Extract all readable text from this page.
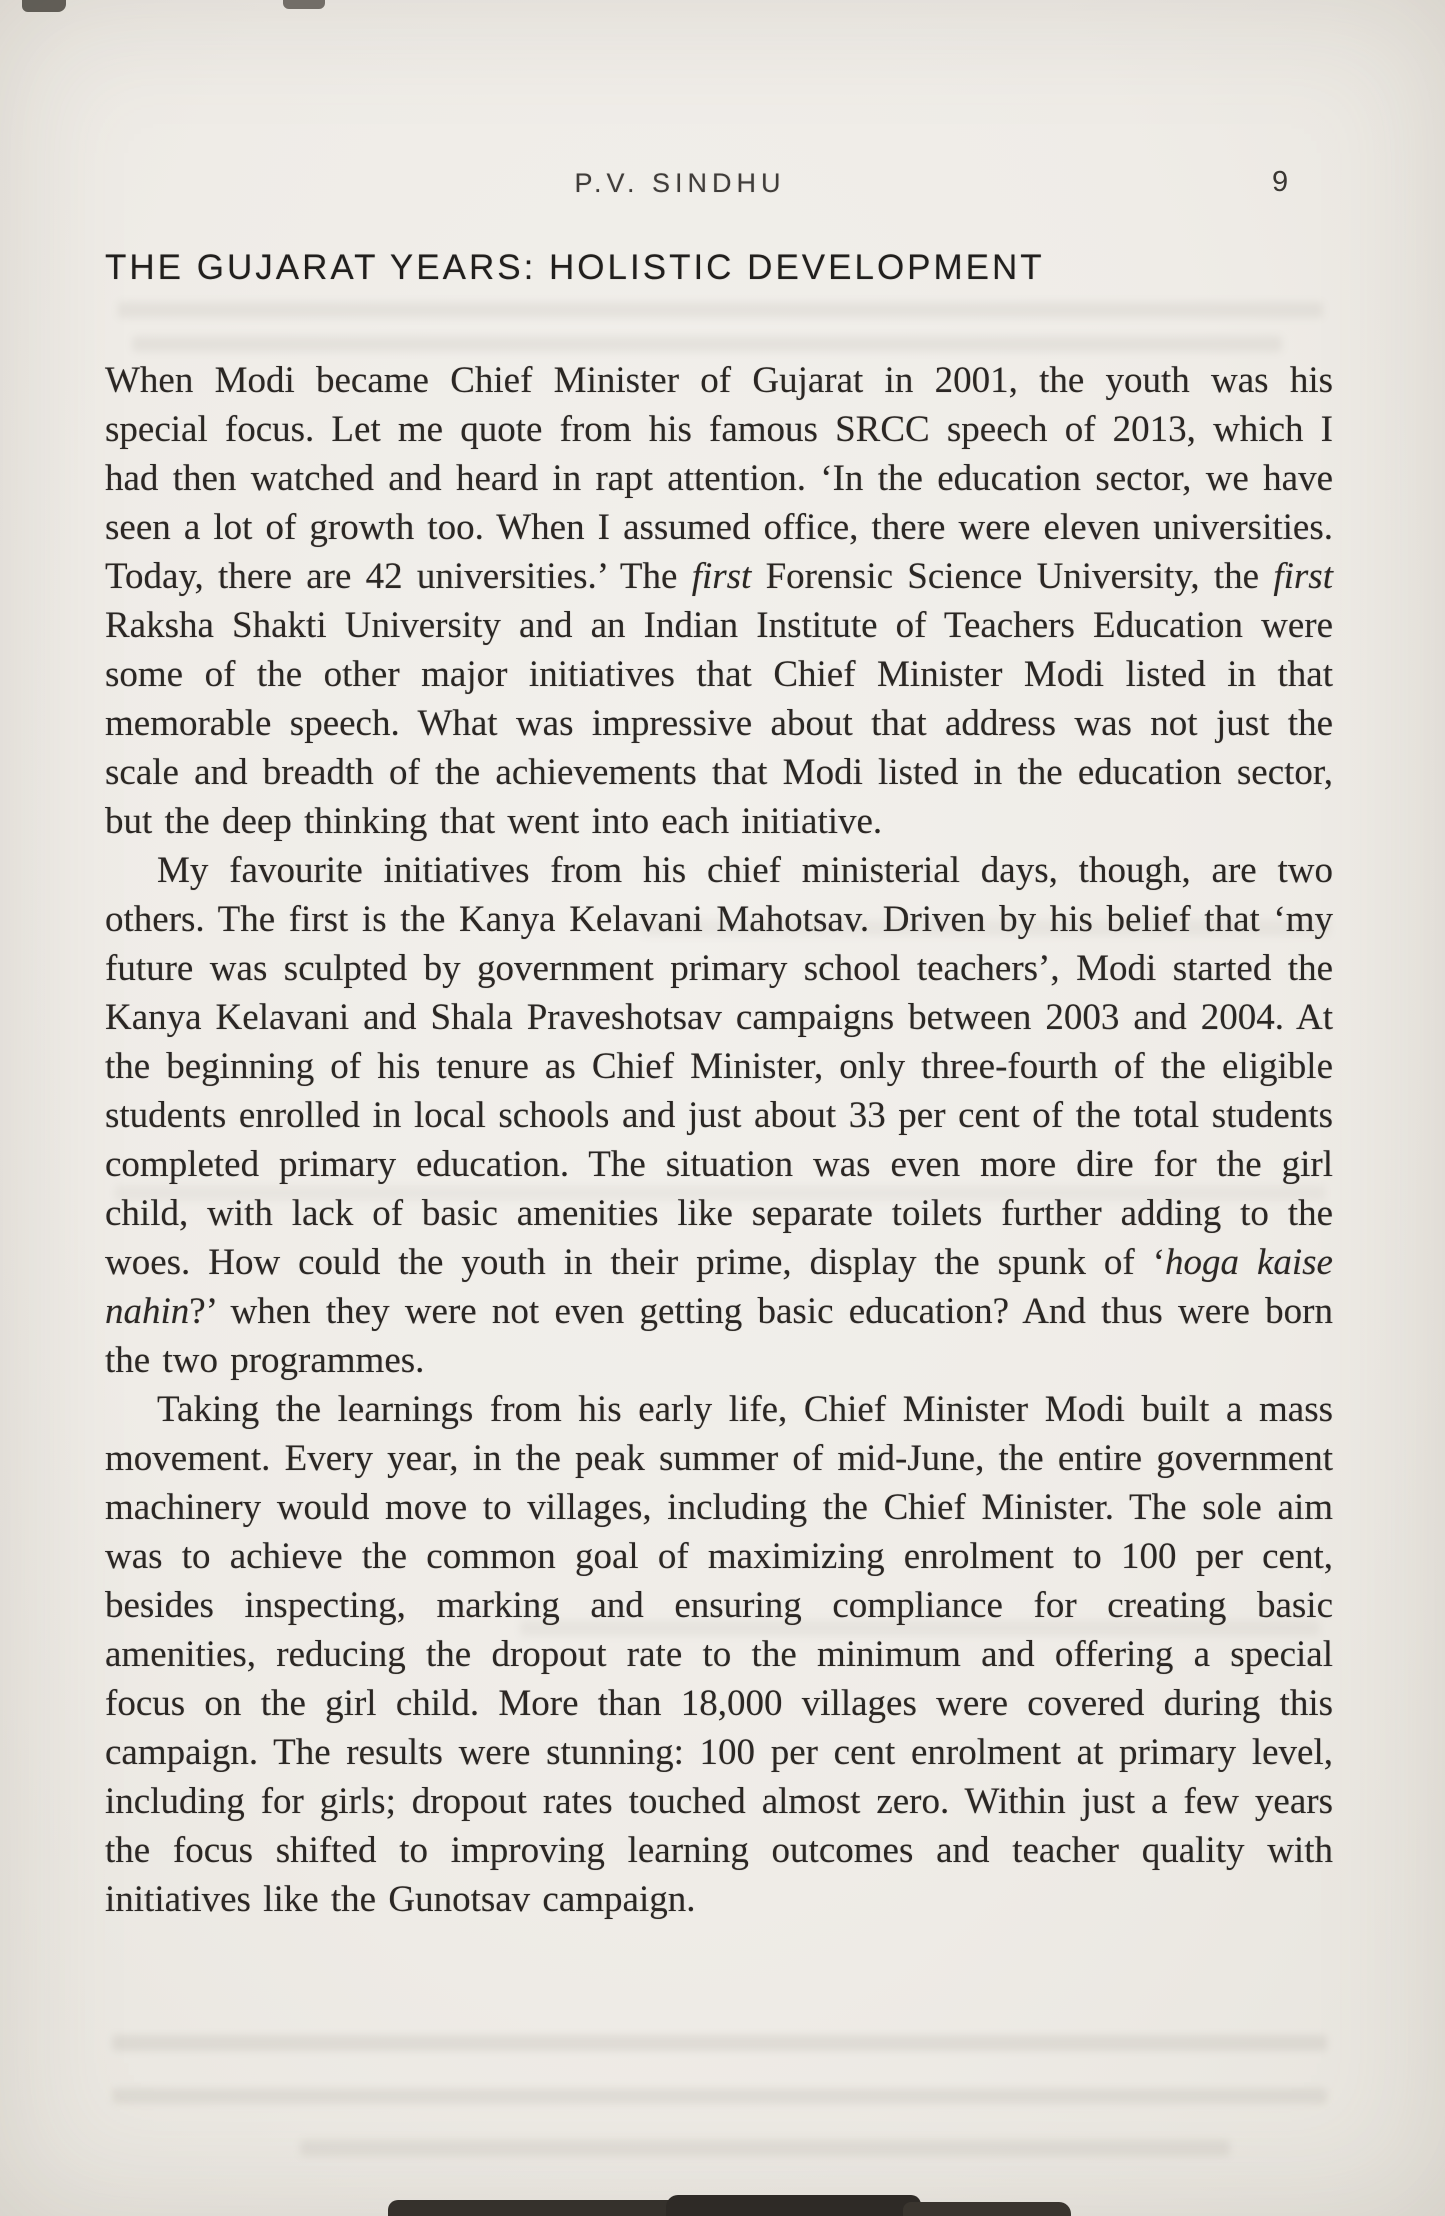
P.V. SINDHU	9
THE GUJARAT YEARS: HOLISTIC DEVELOPMENT

When Modi became Chief Minister of Gujarat in 2001, the youth was his special focus. Let me quote from his famous SRCC speech of 2013, which I had then watched and heard in rapt attention. ‘In the education sector, we have seen a lot of growth too. When I assumed office, there were eleven universities. Today, there are 42 universities.’ The first Forensic Science University, the first Raksha Shakti University and an Indian Institute of Teachers Education were some of the other major initiatives that Chief Minister Modi listed in that memorable speech. What was impressive about that address was not just the scale and breadth of the achievements that Modi listed in the education sector, but the deep thinking that went into each initiative.

My favourite initiatives from his chief ministerial days, though, are two others. The first is the Kanya Kelavani Mahotsav. Driven by his belief that ‘my future was sculpted by government primary school teachers’, Modi started the Kanya Kelavani and Shala Praveshotsav campaigns between 2003 and 2004. At the beginning of his tenure as Chief Minister, only three-fourth of the eligible students enrolled in local schools and just about 33 per cent of the total students completed primary education. The situation was even more dire for the girl child, with lack of basic amenities like separate toilets further adding to the woes. How could the youth in their prime, display the spunk of ‘hoga kaise nahin?’ when they were not even getting basic education? And thus were born the two programmes.

Taking the learnings from his early life, Chief Minister Modi built a mass movement. Every year, in the peak summer of mid-June, the entire government machinery would move to villages, including the Chief Minister. The sole aim was to achieve the common goal of maximizing enrolment to 100 per cent, besides inspecting, marking and ensuring compliance for creating basic amenities, reducing the dropout rate to the minimum and offering a special focus on the girl child. More than 18,000 villages were covered during this campaign. The results were stunning: 100 per cent enrolment at primary level, including for girls; dropout rates touched almost zero. Within just a few years the focus shifted to improving learning outcomes and teacher quality with initiatives like the Gunotsav campaign.
